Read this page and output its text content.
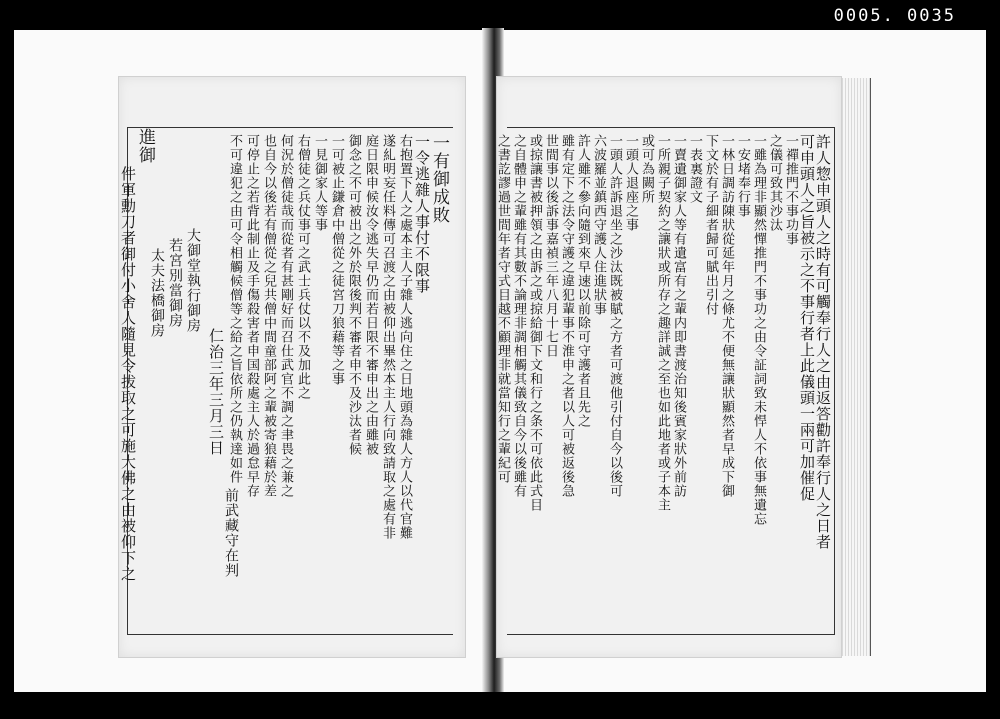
0005. 0035
一有御成敗
一令逃雜人事付不限事
右抱置下人之處本主人子雜人逃向住之日地頭為雜人方人以代官難
遂糺明妄任料傳可召渡之由被仰出畢然本主人行向致請取之處有非
庭日限申候汝令逃失早仍而若日限不審申出之由雖被
御念之不可被出之外於限後判不審者申不及沙汰者候
一可被止鎌倉中僧從之徒宮刀狼藉等之事
一見御家人等事
右僧徒之兵仗事可之武士兵仗以不及加此之
何況於僧徒哉而從者有甚剛好而召仕武官不調之聿畏之兼之
也自今以後若有僧從之兒共僧中間童部阿之輩被寄狼藉於差
可停止之若背此制止及手傷殺害者申国殺處主人於過怠早存
不可違犯之由可令相觸候僧等之給之旨依所之仍執達如件
仁治三年三月三日
前武藏守在判
大御堂執行御房
若宮別當御房
太夫法橋御房
進御
件軍勳刀者御付小舍人隨見令拔取之可施大佛之由被仰下之	許人惣申頭人之時有可觸奉行人之由返答勸許奉行人之日者
可申頭人之旨被示之不事行者上此儀頭一兩可加催促
一禪推門不事功事
之儀可致其沙汰
一雖為理非顯然憚推門不事功之由令証詞致未悍人不依事無遺忘
一安堵奉行事
一林日調訪陳狀從延年月之條尤不便無讓狀顯然者早成下御
下文於有子細者歸可賦出引付
一表裏證文
一賣遺御家人等有遺富有之輩内即書渡治知後賓家狀外前訪
一所親子契約之讓狀或所存之趣詳誠之至也如此地者或子本主
或可為闕所
一頭人退座之事
一頭人許訴退坐之沙汰既被賦之方者可渡他引付自今以後可
六波羅並鎮西守護人住進狀事
許人雖不參向隨到來早速以前除可守護者且先之
雖有定下之法令守護之違犯輩事不淮申之者以人可被返後急
世間事以後訴事嘉禎三年八月十七日
或掠讓書被押領之由訴之或掠給御下文和行之条不可依此式目
之自體申之輩雖有其數不論理非調相觸其儀致自今以後雖有
之書訖謬過世間年者守式目越不顧理非就當知行之輩紀可
